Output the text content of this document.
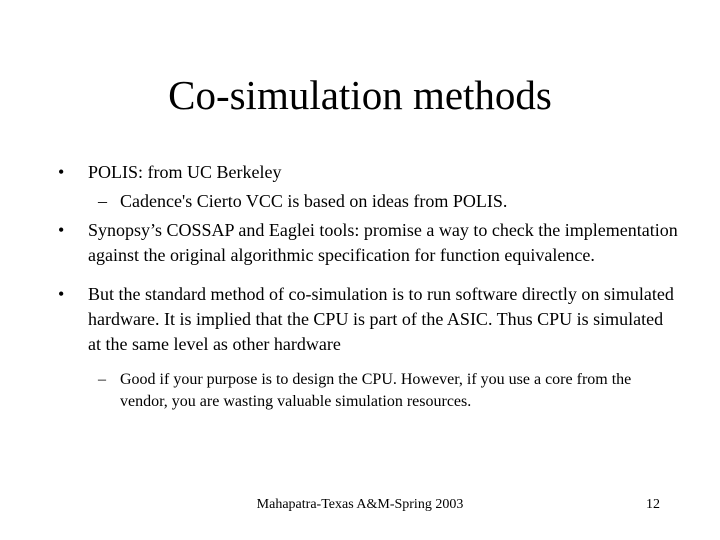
Co-simulation methods
• POLIS: from UC Berkeley
– Cadence's Cierto VCC is based on ideas from POLIS.
• Synopsy’s COSSAP and Eaglei tools: promise a way to check the implementation against the original algorithmic specification for function equivalence.
• But the standard method of co-simulation is to run software directly on simulated hardware. It is implied that the CPU is part of the ASIC. Thus CPU is simulated at the same level as other hardware
– Good if your purpose is to design the CPU. However, if you use a core from the vendor, you are wasting valuable simulation resources.
Mahapatra-Texas A&M-Spring 2003	12
